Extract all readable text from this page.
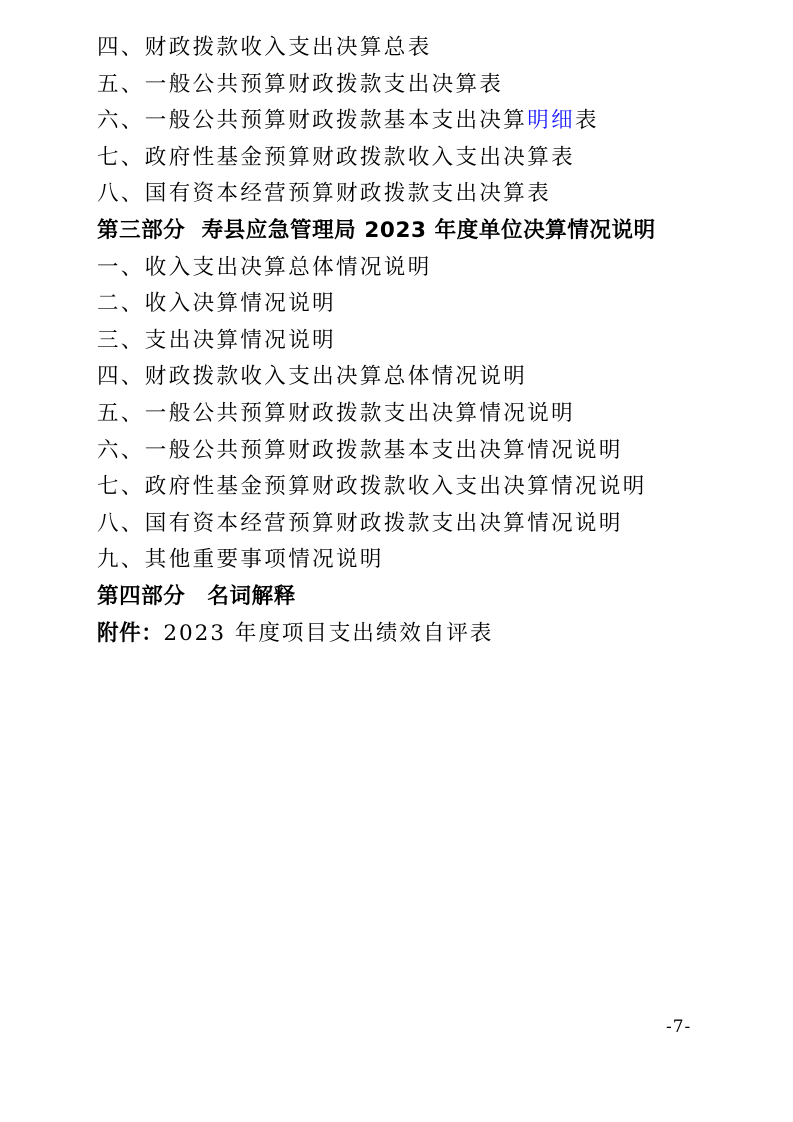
四、财政拨款收入支出决算总表
五、一般公共预算财政拨款支出决算表
六、一般公共预算财政拨款基本支出决算明细表
七、政府性基金预算财政拨款收入支出决算表
八、国有资本经营预算财政拨款支出决算表
第三部分  寿县应急管理局 2023 年度单位决算情况说明
一、收入支出决算总体情况说明
二、收入决算情况说明
三、支出决算情况说明
四、财政拨款收入支出决算总体情况说明
五、一般公共预算财政拨款支出决算情况说明
六、一般公共预算财政拨款基本支出决算情况说明
七、政府性基金预算财政拨款收入支出决算情况说明
八、国有资本经营预算财政拨款支出决算情况说明
九、其他重要事项情况说明
第四部分 名词解释
附件：2023 年度项目支出绩效自评表
-7-
